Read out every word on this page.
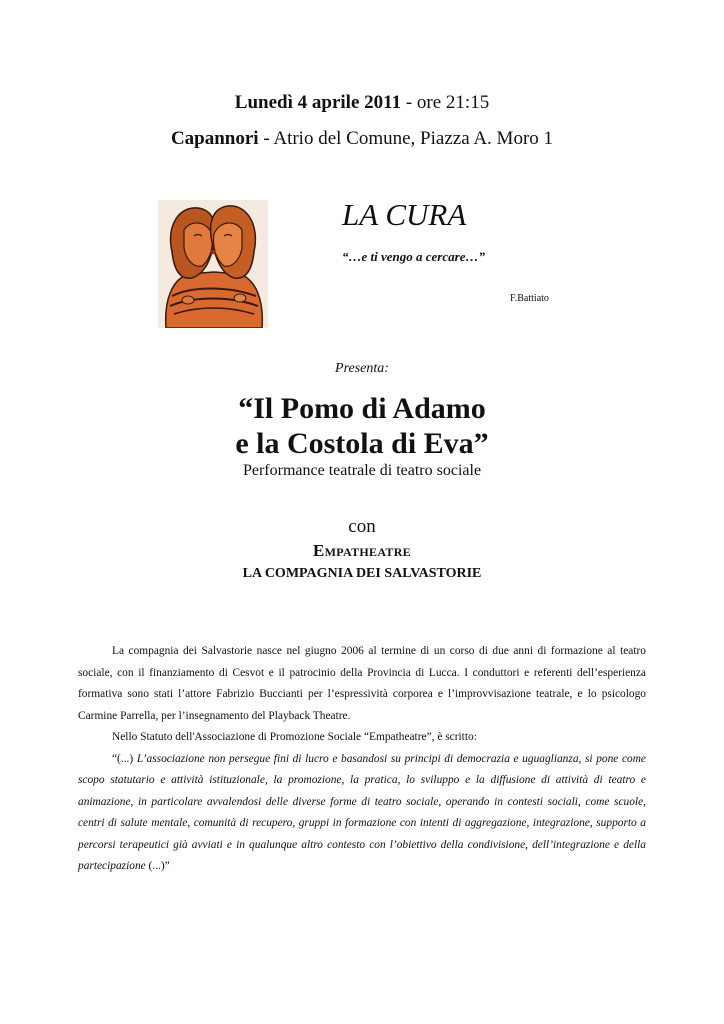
Lunedì 4 aprile 2011 - ore 21:15
Capannori - Atrio del Comune, Piazza A. Moro 1
LA CURA
“…e ti vengo a cercare…”
F.Battiato
Presenta:
“Il Pomo di Adamo
e la Costola di Eva”
Performance teatrale di teatro sociale
con
Empatheatre
LA COMPAGNIA DEI SALVASTORIE

La compagnia dei Salvastorie nasce nel giugno 2006 al termine di un corso di due anni di formazione al teatro sociale, con il finanziamento di Cesvot e il patrocinio della Provincia di Lucca. I conduttori e referenti dell’esperienza formativa sono stati l’attore Fabrizio Buccianti per l’espressività corporea e l’improvvisazione teatrale, e lo psicologo Carmine Parrella, per l’insegnamento del Playback Theatre.

Nello Statuto dell'Associazione di Promozione Sociale “Empatheatre”, è scritto:

“(...) L’associazione non persegue fini di lucro e basandosi su principi di democrazia e uguaglianza, si pone come scopo statutario e attività istituzionale, la promozione, la pratica, lo sviluppo e la diffusione di attività di teatro e animazione, in particolare avvalendosi delle diverse forme di teatro sociale, operando in contesti sociali, come scuole, centri di salute mentale, comunità di recupero, gruppi in formazione con intenti di aggregazione, integrazione, supporto a percorsi terapeutici già avviati e in qualunque altro contesto con l’obiettivo della condivisione, dell’integrazione e della partecipazione (...)”
